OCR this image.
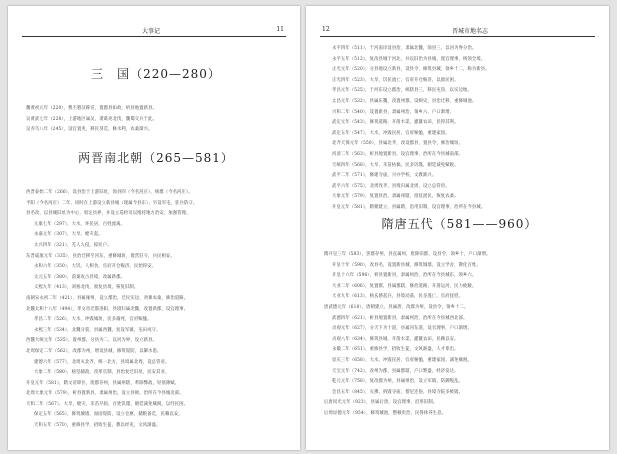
大事记	11
三　国（220—280）
魏黄初元年（220），曹丕篡汉称帝，置郡县如故，析县地置新县。
吴黄武七年（228），上游地区属吴，诸葛亮北伐，魏蜀交兵于此。
吴赤乌八年（245），设官置吏，移民垦荒，修水利，农桑渐兴。
两晋南北朝（265—581）
西晋泰始二年（266），设县治于上游旧址，领县四（今名河庄），统郡（今名河庄）。
平阳（今名河庄）二年，同时在上游设立新县城（现属今县东），另设军屯，驻兵防守。
县名改，以县城旧址为中心，划定县界，并设立巡检司以维持地方治安，加强管理。
元康七年（297），大水，坏民居，百姓流离。
永嘉元年（307），大旱，蝗灾起。
太兴四年（321），羌人入侵，掠民户。
东晋咸康元年（335），县治迁移至河东，重修城垣，置营驻守，兵民相安。
永和六年（350），大饥，人相食，官府开仓赈济，民始得安。
太元五年（380），前秦攻占县境，改属新郡。
义熙九年（413），刘裕北伐，收复县境，恢复旧制。
南朝宋永初二年（421），县属雍州，设立郡治，迁民实边，劝课农桑，修治道路。
北魏太和十八年（494），孝文帝迁都洛阳，县境归属北魏，改置新郡，设官理事。
孝昌二年（526），大水，冲毁城垣，民多溺死，官府赈恤。
永熙三年（534），北魏分裂，县属西魏，复设军镇，屯田戍守。
西魏大统元年（535），置州郡，分县为二，以河为界，设立新县。
北周保定二年（562），改郡为州，增设县城，修筑堤防，以御水患。
建德六年（577），北周灭北齐，统一北方，县境属北周，设总管府。
大象二年（580），杨坚辅政，改革官制，县治复迁旧址，民安其业。
开皇元年（581），隋文帝即位，废郡存州，县属州辖，革除弊政，轻徭薄赋。
北周大象元年（579），析县置新县，隶属州治，设立县衙，治所在今县城北部。
天和二年（567），大旱，蝗灾，禾苗尽损，百姓饥馑，朝廷减免赋税，以纾民困。
保定五年（565），修筑城墙，加固堤防，设立仓廪，储粮备荒，民赖以安。
天和五年（570），重修县学，招收生徒，教以经史，文风渐盛。
12	晋城市地名志
永平四年（511），于河南岸设县治，隶属北魏，领县三，以河为界分治。
永平五年（512），复改县城于河北，并以旧治为县城，置官理事，统领全境。
正光元年（520），分县地设立新县，设县令，修筑县城，领乡十二，称为新县。
正光四年（523），大旱，饥民流亡，官府开仓赈济，以救民困。
孝昌元年（525），于河东设立郡治，统辖县三，移民屯垦，以实边地。
太昌元年（532），县属东魏，改置州郡，设刺史，县治迁移，重修城池。
兴和二年（540），设置新县，隶属州治，领乡六，户口渐增。
武定元年（543），修筑道路，开凿水渠，灌溉农田，民得其利。
武定五年（547），大水，冲毁民居，官府赈恤，重建家园。
北齐天保元年（550），县属北齐，改设郡县，置县令，修治城垣。
河清二年（563），析县地置新县，设官理事，治所在今县城南部。
天统四年（568），大旱，禾苗枯槁，民多饥馑，朝廷减免赋税。
武平二年（571），修建寺庙，兴办学校，文教渐兴。
武平六年（575），北周伐齐，县境归属北周，设立总管府。
大象元年（579），复置县治，隶属州辖，招抚流民，恢复农桑。
开皇元年（581），隋朝建立，县属隋，沿用旧制，设官理事，治所在今县城。
隋唐五代（581——960）
隋开皇三年（583），罢郡存州，县直属州，废除旧郡，设县令，领乡十，户口渐增。
开皇十年（590），改县名，设置新县城，修筑城墙，设立学舍，教化百姓。
开皇十六年（596），析县置新县，隶属州治，治所在今县城东，领乡六。
大业二年（606），复置郡，县属郡辖，修治道路，开凿运河，民力疲敝。
大业九年（613），杨玄感起兵，县境动荡，民多逃亡，官府抚慰。
唐武德元年（618），唐朝建立，县属唐，改郡为州，设县令，领乡十二。
武德四年（621），析县地置新县，隶属州治，治所在今县城西北部。
贞观元年（627），分天下为十道，县属河东道，设官理事，户口渐增。
贞观八年（634），修筑县城，开凿水渠，灌溉农田，民赖以安。
永徽二年（651），重修县学，招收生徒，文风渐盛，人才辈出。
显庆三年（658），大水，冲毁民居，官府赈恤，重建家园，减免赋税。
天宝元年（742），改州为郡，县属郡辖，户口繁盛，经济发达。
乾元元年（758），复改郡为州，县属州治，设立军镇，防御叛乱。
会昌五年（845），灭佛，拆毁寺庙，僧尼还俗，县境寺院多被毁。
后唐同光元年（923），县属后唐，设官理事，沿用旧制。
后周显德元年（954），修筑城池，整顿吏治，民得休养生息。
